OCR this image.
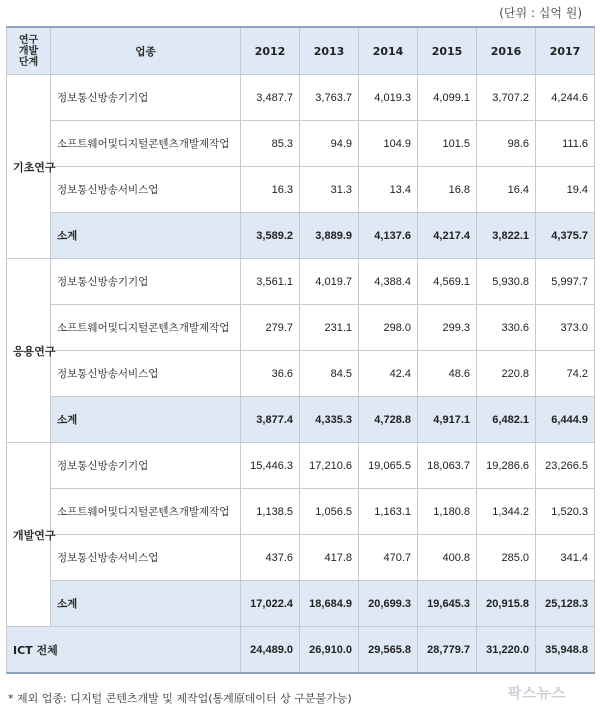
(단위 : 십억 원)
연구
개발
단계	업종	2012	2013	2014	2015	2016	2017
기초연구	정보통신방송기기업	3,487.7	3,763.7	4,019.3	4,099.1	3,707.2	4,244.6
	소프트웨어및디지털콘텐츠개발제작업	85.3	94.9	104.9	101.5	98.6	111.6
	정보통신방송서비스업	16.3	31.3	13.4	16.8	16.4	19.4
	소계	3,589.2	3,889.9	4,137.6	4,217.4	3,822.1	4,375.7
응용연구	정보통신방송기기업	3,561.1	4,019.7	4,388.4	4,569.1	5,930.8	5,997.7
	소프트웨어및디지털콘텐츠개발제작업	279.7	231.1	298.0	299.3	330.6	373.0
	정보통신방송서비스업	36.6	84.5	42.4	48.6	220.8	74.2
	소계	3,877.4	4,335.3	4,728.8	4,917.1	6,482.1	6,444.9
개발연구	정보통신방송기기업	15,446.3	17,210.6	19,065.5	18,063.7	19,286.6	23,266.5
	소프트웨어및디지털콘텐츠개발제작업	1,138.5	1,056.5	1,163.1	1,180.8	1,344.2	1,520.3
	정보통신방송서비스업	437.6	417.8	470.7	400.8	285.0	341.4
	소계	17,022.4	18,684.9	20,699.3	19,645.3	20,915.8	25,128.3
ICT 전체		24,489.0	26,910.0	29,565.8	28,779.7	31,220.0	35,948.8
* 제외 업종: 디지털 콘텐츠개발 및 제작업(통계原데이터 상 구분불가능)	팍스뉴스
